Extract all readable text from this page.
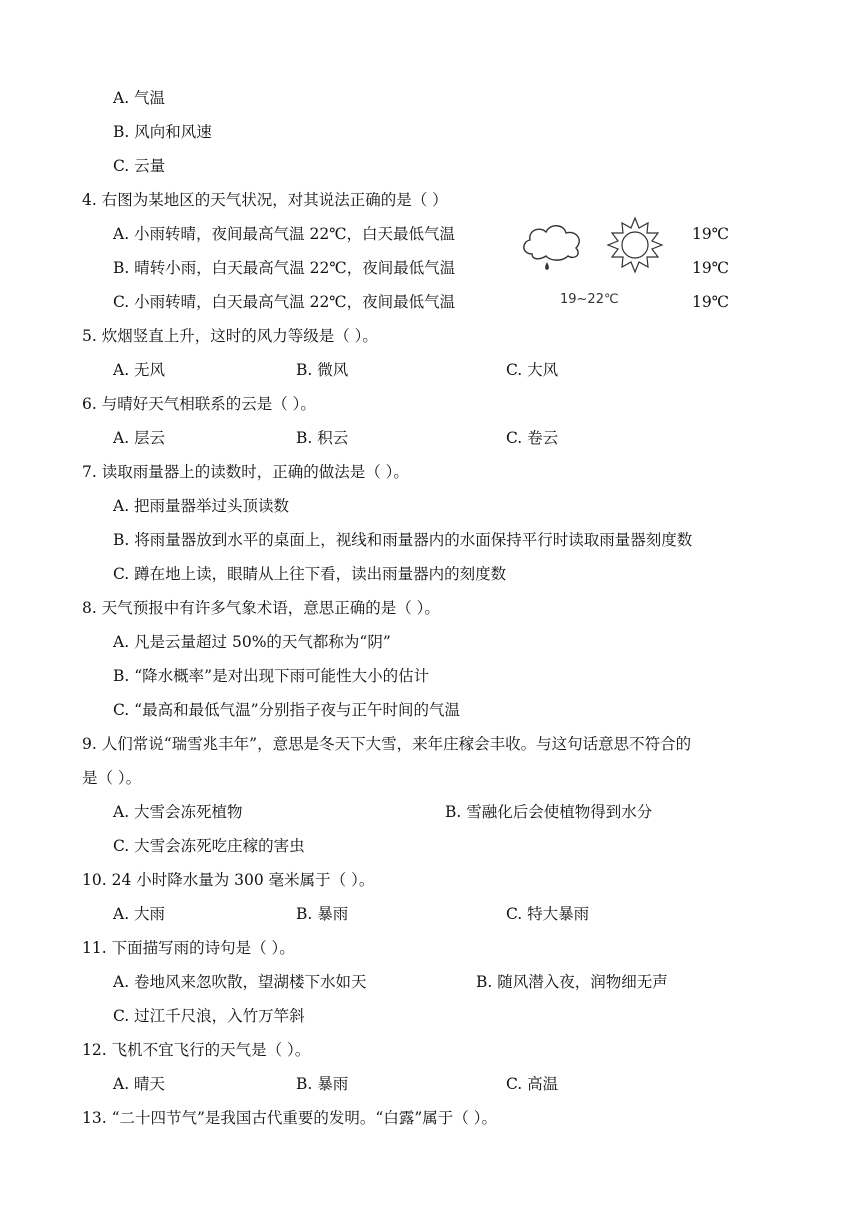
A. 气温
B. 风向和风速
C. 云量
4. 右图为某地区的天气状况，对其说法正确的是（ ）
A. 小雨转晴，夜间最高气温 22℃，白天最低气温
B. 晴转小雨，白天最高气温 22℃，夜间最低气温
C. 小雨转晴，白天最高气温 22℃，夜间最低气温
19℃
19℃
19℃
19~22℃
5. 炊烟竖直上升，这时的风力等级是（ ）。
A. 无风	B. 微风	C. 大风
6. 与晴好天气相联系的云是（ ）。
A. 层云	B. 积云	C. 卷云
7. 读取雨量器上的读数时，正确的做法是（ ）。
A. 把雨量器举过头顶读数
B. 将雨量器放到水平的桌面上，视线和雨量器内的水面保持平行时读取雨量器刻度数
C. 蹲在地上读，眼睛从上往下看，读出雨量器内的刻度数
8. 天气预报中有许多气象术语，意思正确的是（ ）。
A. 凡是云量超过 50%的天气都称为“阴”
B. “降水概率”是对出现下雨可能性大小的估计
C. “最高和最低气温”分别指子夜与正午时间的气温
9. 人们常说“瑞雪兆丰年”，意思是冬天下大雪，来年庄稼会丰收。与这句话意思不符合的
是（ ）。
A. 大雪会冻死植物	B. 雪融化后会使植物得到水分
C. 大雪会冻死吃庄稼的害虫
10. 24 小时降水量为 300 毫米属于（ ）。
A. 大雨	B. 暴雨	C. 特大暴雨
11. 下面描写雨的诗句是（ ）。
A. 卷地风来忽吹散，望湖楼下水如天	B. 随风潜入夜，润物细无声
C. 过江千尺浪，入竹万竿斜
12. 飞机不宜飞行的天气是（ ）。
A. 晴天	B. 暴雨	C. 高温
13. “二十四节气”是我国古代重要的发明。“白露”属于（ ）。
